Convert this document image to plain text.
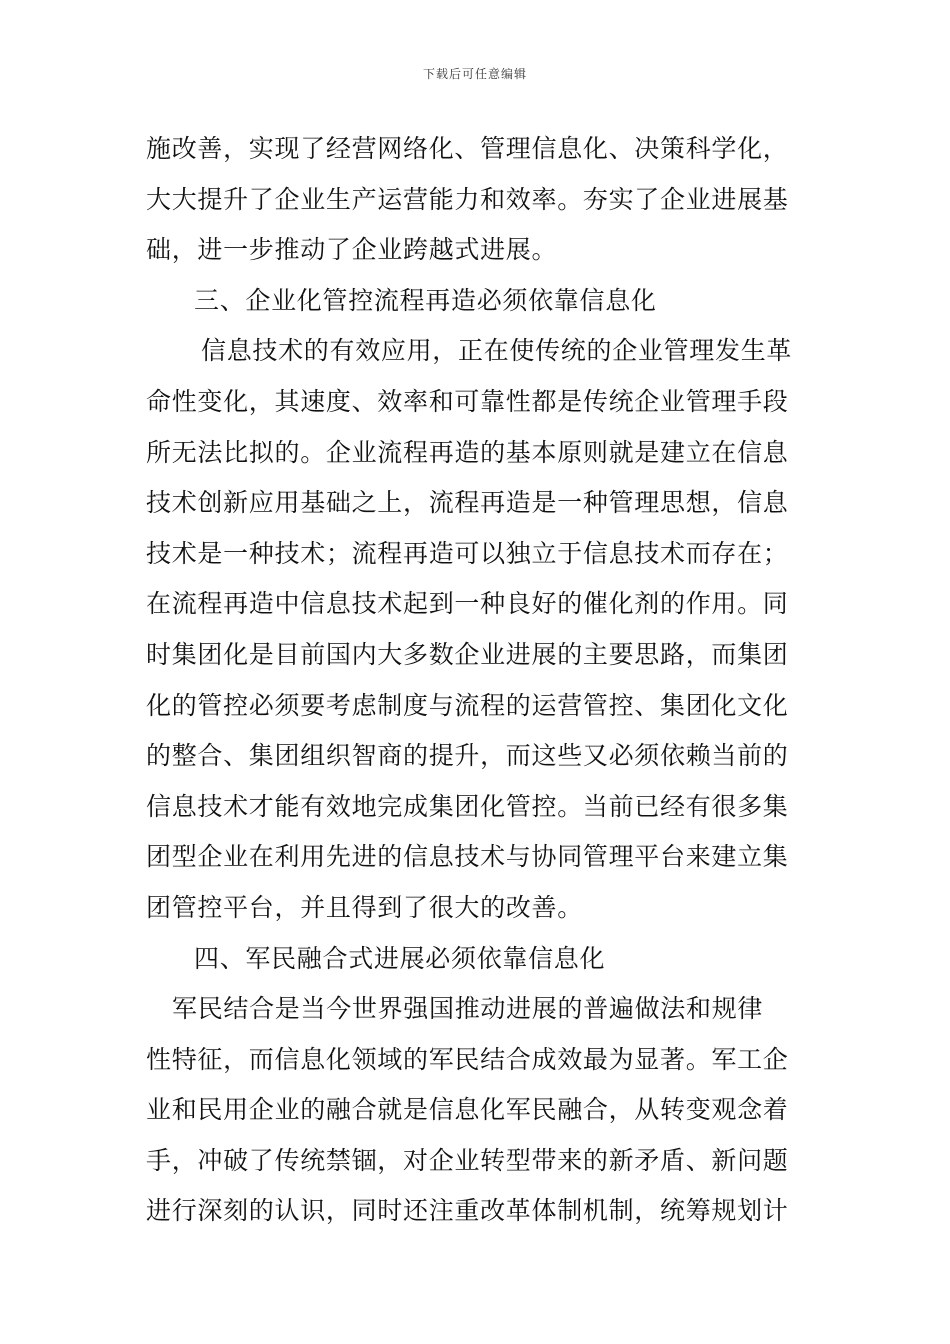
下载后可任意编辑
施改善，实现了经营网络化、管理信息化、决策科学化，
大大提升了企业生产运营能力和效率。夯实了企业进展基
础，进一步推动了企业跨越式进展。
三、企业化管控流程再造必须依靠信息化
信息技术的有效应用，正在使传统的企业管理发生革
命性变化，其速度、效率和可靠性都是传统企业管理手段
所无法比拟的。企业流程再造的基本原则就是建立在信息
技术创新应用基础之上，流程再造是一种管理思想，信息
技术是一种技术；流程再造可以独立于信息技术而存在；
在流程再造中信息技术起到一种良好的催化剂的作用。同
时集团化是目前国内大多数企业进展的主要思路，而集团
化的管控必须要考虑制度与流程的运营管控、集团化文化
的整合、集团组织智商的提升，而这些又必须依赖当前的
信息技术才能有效地完成集团化管控。当前已经有很多集
团型企业在利用先进的信息技术与协同管理平台来建立集
团管控平台，并且得到了很大的改善。
四、军民融合式进展必须依靠信息化
军民结合是当今世界强国推动进展的普遍做法和规律
性特征，而信息化领域的军民结合成效最为显著。军工企
业和民用企业的融合就是信息化军民融合，从转变观念着
手，冲破了传统禁锢，对企业转型带来的新矛盾、新问题
进行深刻的认识，同时还注重改革体制机制，统筹规划计
